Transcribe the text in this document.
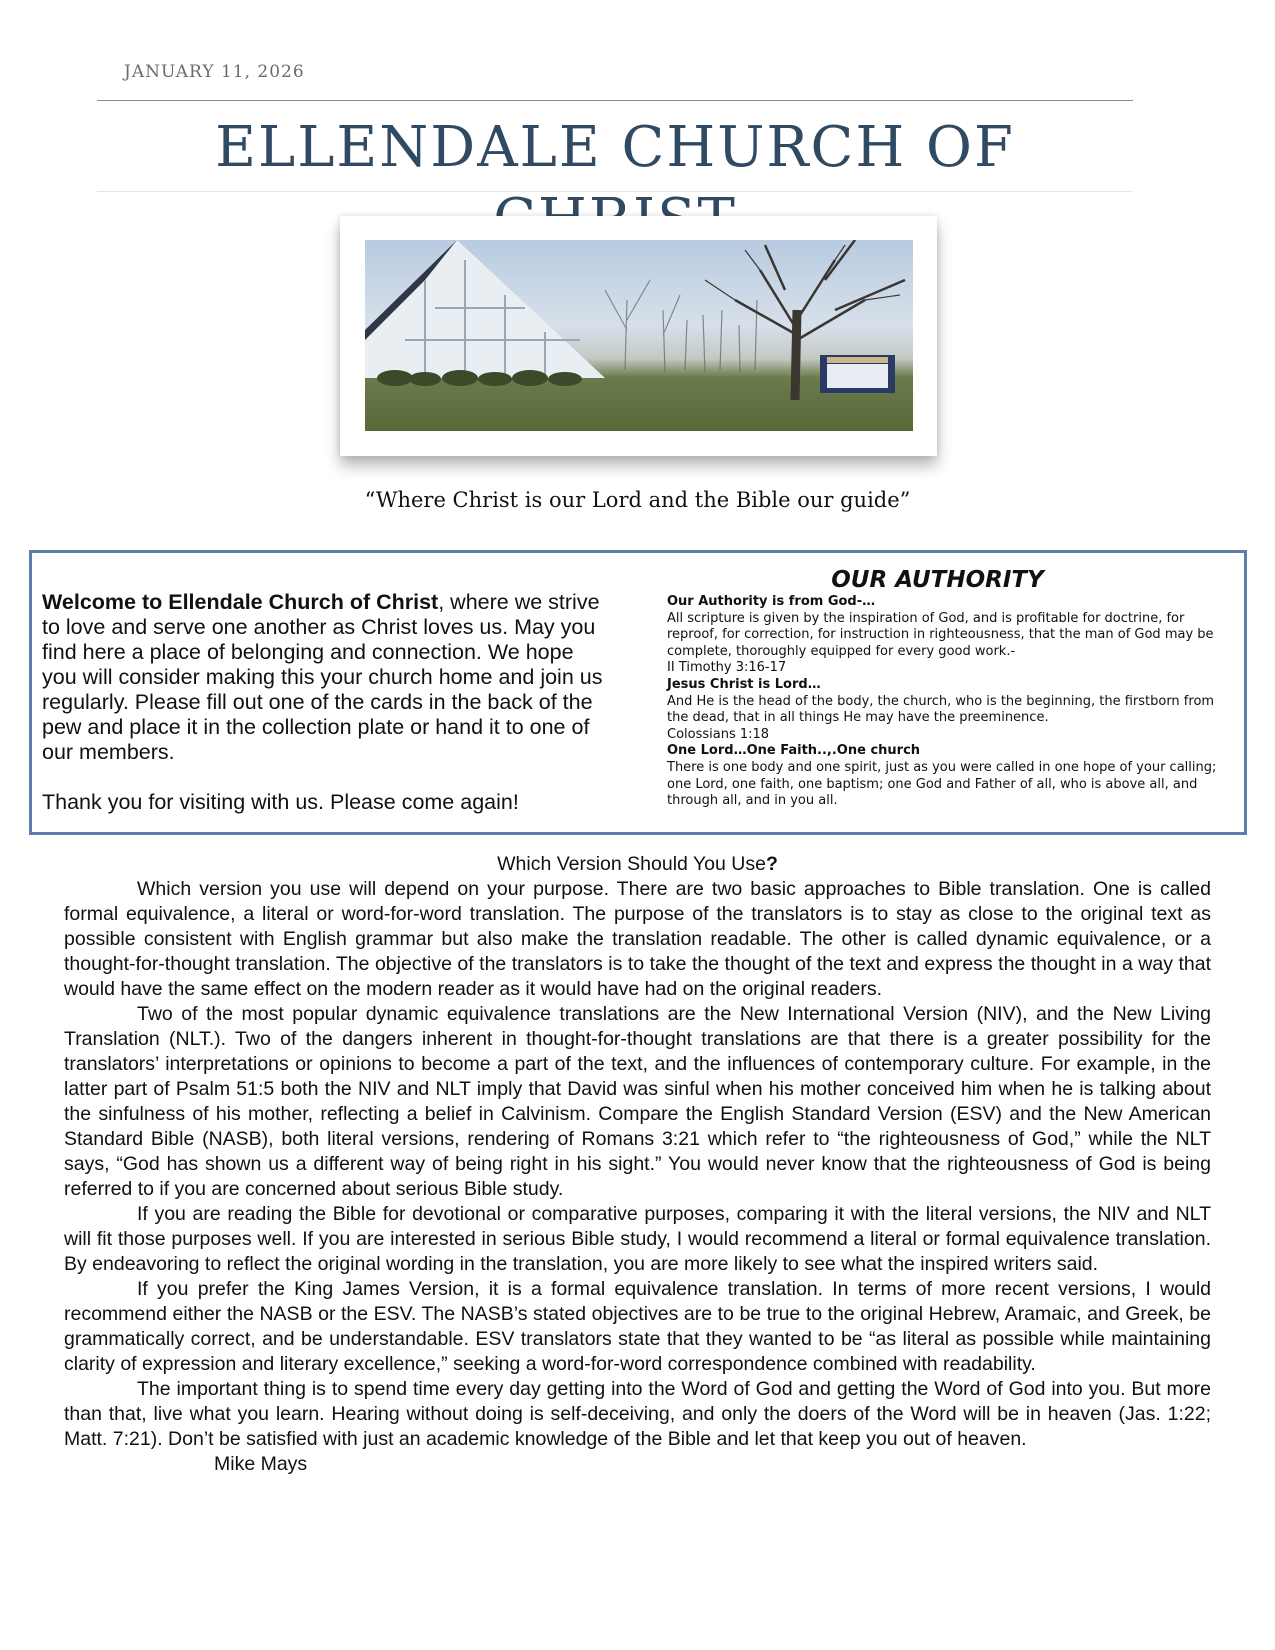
JANUARY 11, 2026
ELLENDALE CHURCH OF
“Where Christ is our Lord and the Bible our guide”

Welcome to Ellendale Church of Christ, where we strive to love and serve one another as Christ loves us. May you find here a place of belonging and connection. We hope you will consider making this your church home and join us regularly. Please fill out one of the cards in the back of the pew and place it in the collection plate or hand it to one of our members.

Thank you for visiting with us. Please come again!

OUR AUTHORITY
Our Authority is from God-…
All scripture is given by the inspiration of God, and is profitable for doctrine, for reproof, for correction, for instruction in righteousness, that the man of God may be complete, thoroughly equipped for every good work.-
II Timothy 3:16-17
Jesus Christ is Lord…
And He is the head of the body, the church, who is the beginning, the firstborn from the dead, that in all things He may have the preeminence.
Colossians 1:18
One Lord…One Faith..,.One church
There is one body and one spirit, just as you were called in one hope of your calling; one Lord, one faith, one baptism; one God and Father of all, who is above all, and through all, and in you all.

Which Version Should You Use?

Which version you use will depend on your purpose. There are two basic approaches to Bible translation. One is called formal equivalence, a literal or word-for-word translation. The purpose of the translators is to stay as close to the original text as possible consistent with English grammar but also make the translation readable. The other is called dynamic equivalence, or a thought-for-thought translation. The objective of the translators is to take the thought of the text and express the thought in a way that would have the same effect on the modern reader as it would have had on the original readers.

Two of the most popular dynamic equivalence translations are the New International Version (NIV), and the New Living Translation (NLT.). Two of the dangers inherent in thought-for-thought translations are that there is a greater possibility for the translators’ interpretations or opinions to become a part of the text, and the influences of contemporary culture. For example, in the latter part of Psalm 51:5 both the NIV and NLT imply that David was sinful when his mother conceived him when he is talking about the sinfulness of his mother, reflecting a belief in Calvinism. Compare the English Standard Version (ESV) and the New American Standard Bible (NASB), both literal versions, rendering of Romans 3:21 which refer to “the righteousness of God,” while the NLT says, “God has shown us a different way of being right in his sight.” You would never know that the righteousness of God is being referred to if you are concerned about serious Bible study.

If you are reading the Bible for devotional or comparative purposes, comparing it with the literal versions, the NIV and NLT will fit those purposes well. If you are interested in serious Bible study, I would recommend a literal or formal equivalence translation. By endeavoring to reflect the original wording in the translation, you are more likely to see what the inspired writers said.

If you prefer the King James Version, it is a formal equivalence translation. In terms of more recent versions, I would recommend either the NASB or the ESV. The NASB’s stated objectives are to be true to the original Hebrew, Aramaic, and Greek, be grammatically correct, and be understandable. ESV translators state that they wanted to be “as literal as possible while maintaining clarity of expression and literary excellence,” seeking a word-for-word correspondence combined with readability.

The important thing is to spend time every day getting into the Word of God and getting the Word of God into you. But more than that, live what you learn. Hearing without doing is self-deceiving, and only the doers of the Word will be in heaven (Jas. 1:22; Matt. 7:21). Don’t be satisfied with just an academic knowledge of the Bible and let that keep you out of heaven.

Mike Mays
